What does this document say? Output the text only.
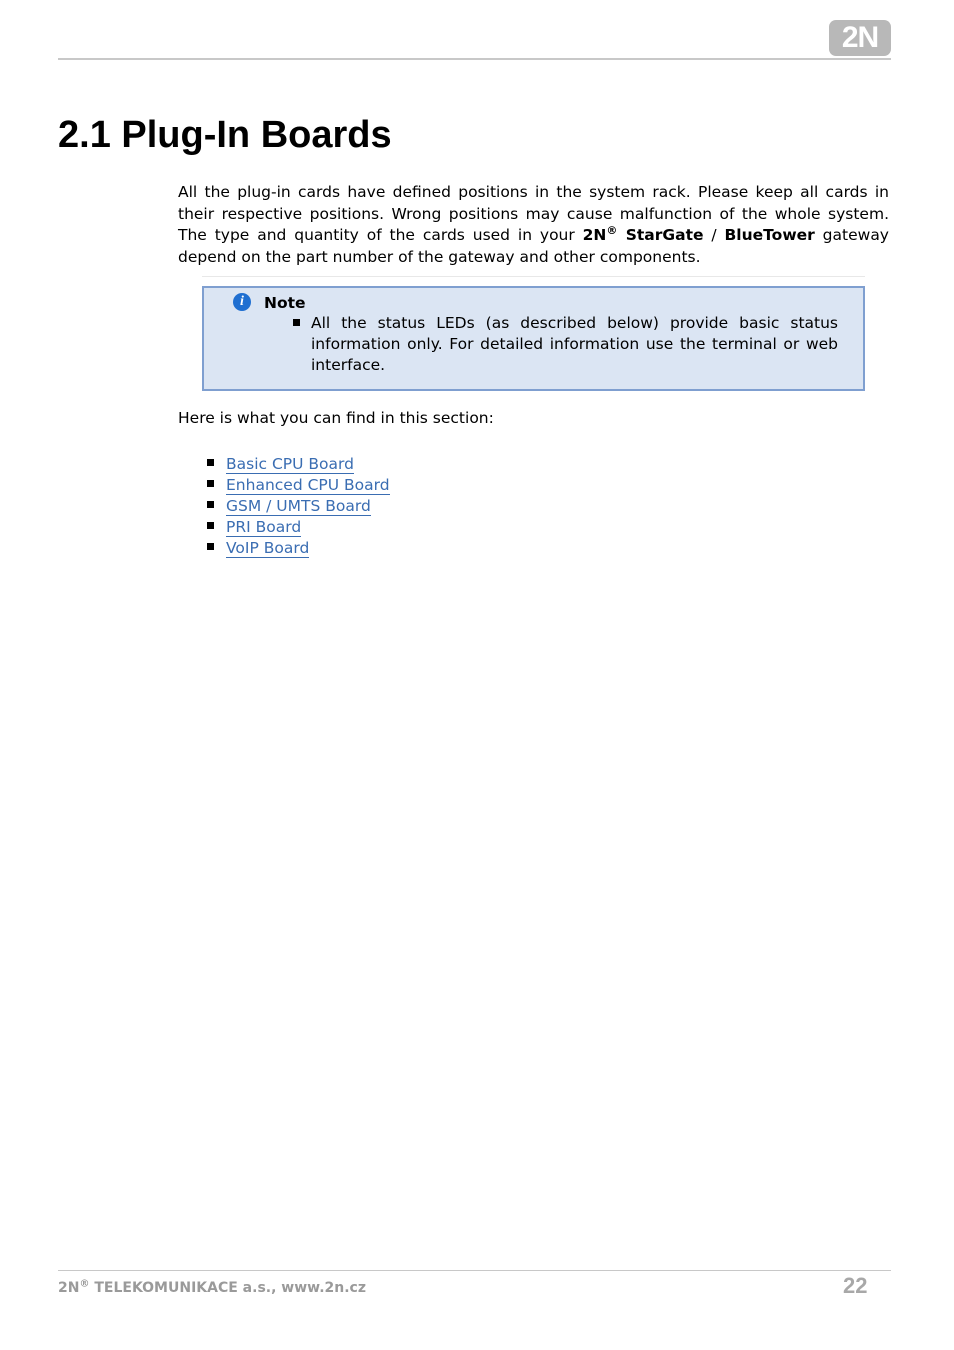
2N
2.1 Plug-In Boards

All the plug-in cards have defined positions in the system rack. Please keep all cards in their respective positions. Wrong positions may cause malfunction of the whole system. The type and quantity of the cards used in your 2N® StarGate / BlueTower gateway depend on the part number of the gateway and other components.

i	Note

All the status LEDs (as described below) provide basic status information only. For detailed information use the terminal or web interface.

Here is what you can find in this section:

Basic CPU Board
Enhanced CPU Board
GSM / UMTS Board
PRI Board
VoIP Board
2N® TELEKOMUNIKACE a.s., www.2n.cz	22
